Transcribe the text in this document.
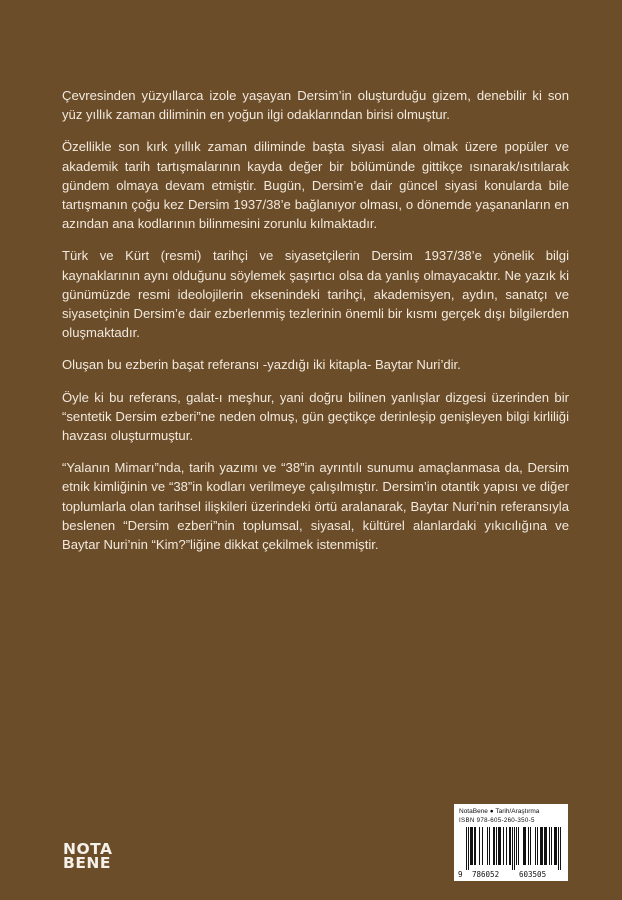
Çevresinden yüzyıllarca izole yaşayan Dersim’in oluşturduğu gizem, denebilir ki son yüz yıllık zaman diliminin en yoğun ilgi odaklarından birisi olmuştur.

Özellikle son kırk yıllık zaman diliminde başta siyasi alan olmak üzere popüler ve akademik tarih tartışmalarının kayda değer bir bölümünde gittikçe ısınarak/ısıtılarak gündem olmaya devam etmiştir. Bugün, Dersim’e dair güncel siyasi konularda bile tartışmanın çoğu kez Dersim 1937/38’e bağlanıyor olması, o dönemde yaşananların en azından ana kodlarının bilinmesini zorunlu kılmaktadır.

Türk ve Kürt (resmi) tarihçi ve siyasetçilerin Dersim 1937/38’e yönelik bilgi kaynaklarının aynı olduğunu söylemek şaşırtıcı olsa da yanlış olmayacaktır. Ne yazık ki günümüzde resmi ideolojilerin eksenindeki tarihçi, akademisyen, aydın, sanatçı ve siyasetçinin Dersim’e dair ezberlenmiş tezlerinin önemli bir kısmı gerçek dışı bilgilerden oluşmaktadır.

Oluşan bu ezberin başat referansı -yazdığı iki kitapla- Baytar Nuri’dir.

Öyle ki bu referans, galat-ı meşhur, yani doğru bilinen yanlışlar dizgesi üzerinden bir “sentetik Dersim ezberi”ne neden olmuş, gün geçtikçe derinleşip genişleyen bilgi kirliliği havzası oluşturmuştur.

“Yalanın Mimarı”nda, tarih yazımı ve “38”in ayrıntılı sunumu amaçlanmasa da, Dersim etnik kimliğinin ve “38”in kodları verilmeye çalışılmıştır. Dersim’in otantik yapısı ve diğer toplumlarla olan tarihsel ilişkileri üzerindeki örtü aralanarak, Baytar Nuri’nin referansıyla beslenen “Dersim ezberi”nin toplumsal, siyasal, kültürel alanlardaki yıkıcılığına ve Baytar Nuri’nin “Kim?”liğine dikkat çekilmek istenmiştir.

NOTA
BENE
NotaBene ● Tarih/Araştırma
ISBN 978-605-260-350-5
9 786052	603505
